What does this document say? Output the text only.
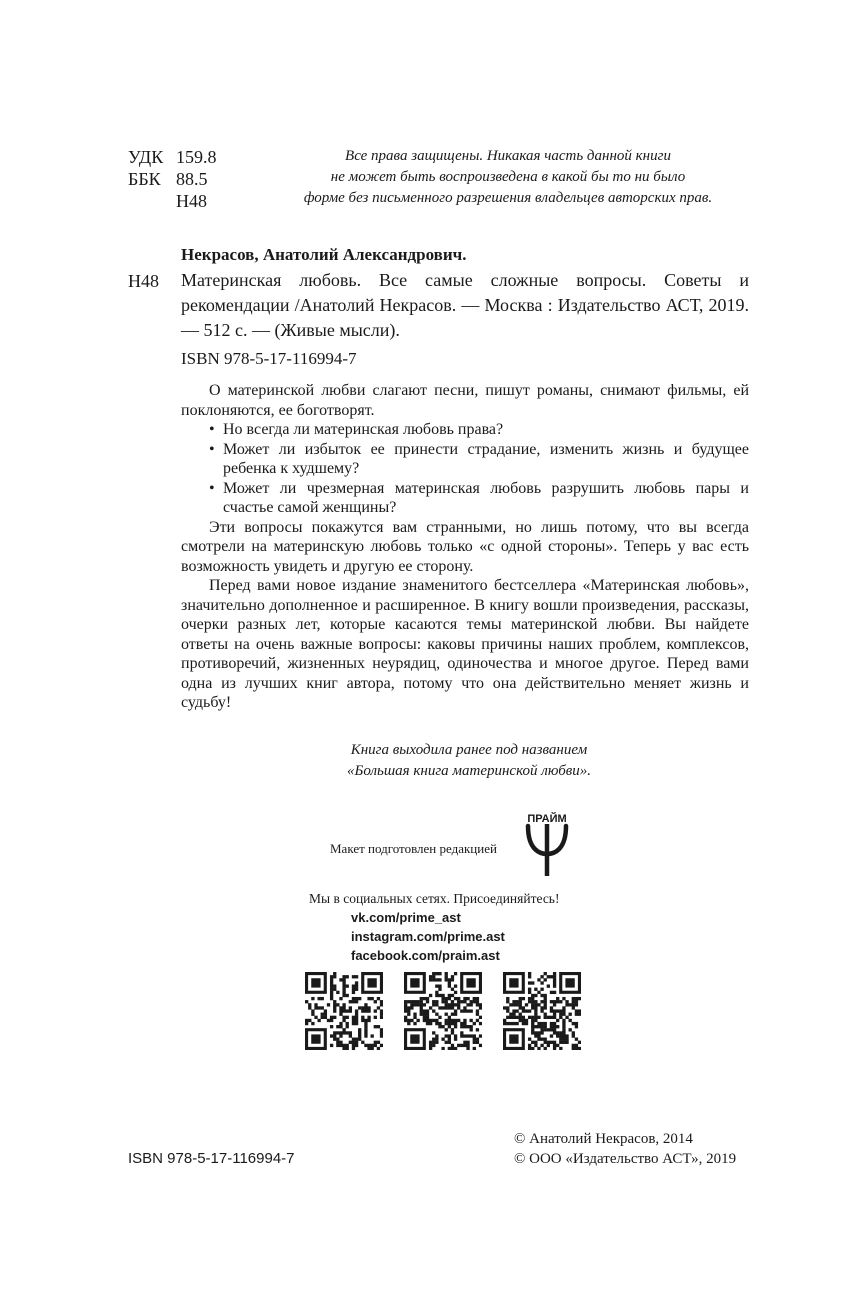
УДК 159.8
ББК 88.5
Н48
Все права защищены. Никакая часть данной книги
не может быть воспроизведена в какой бы то ни было
форме без письменного разрешения владельцев авторских прав.
Некрасов, Анатолий Александрович.
Н48 Материнская любовь. Все самые сложные вопросы. Советы и рекомендации /Анатолий Некрасов. — Москва : Издательство АСТ, 2019. — 512 с. — (Живые мысли).

ISBN 978-5-17-116994-7

О материнской любви слагают песни, пишут романы, снимают фильмы, ей поклоняются, ее боготворят.

• Но всегда ли материнская любовь права?
• Может ли избыток ее принести страдание, изменить жизнь и будущее ребенка к худшему?
• Может ли чрезмерная материнская любовь разрушить любовь пары и счастье самой женщины?

Эти вопросы покажутся вам странными, но лишь потому, что вы всегда смотрели на материнскую любовь только «с одной стороны». Теперь у вас есть возможность увидеть и другую ее сторону.

Перед вами новое издание знаменитого бестселлера «Материнская любовь», значительно дополненное и расширенное. В книгу вошли произведения, рассказы, очерки разных лет, которые касаются темы материнской любви. Вы найдете ответы на очень важные вопросы: каковы причины наших проблем, комплексов, противоречий, жизненных неурядиц, одиночества и многое другое. Перед вами одна из лучших книг автора, потому что она действительно меняет жизнь и судьбу!

Книга выходила ранее под названием
«Большая книга материнской любви».
Макет подготовлен редакцией
ПРАЙМ
Мы в социальных сетях. Присоединяйтесь!
vk.com/prime_ast
instagram.com/prime.ast
facebook.com/praim.ast
ISBN 978-5-17-116994-7
© Анатолий Некрасов, 2014
© ООО «Издательство АСТ», 2019
